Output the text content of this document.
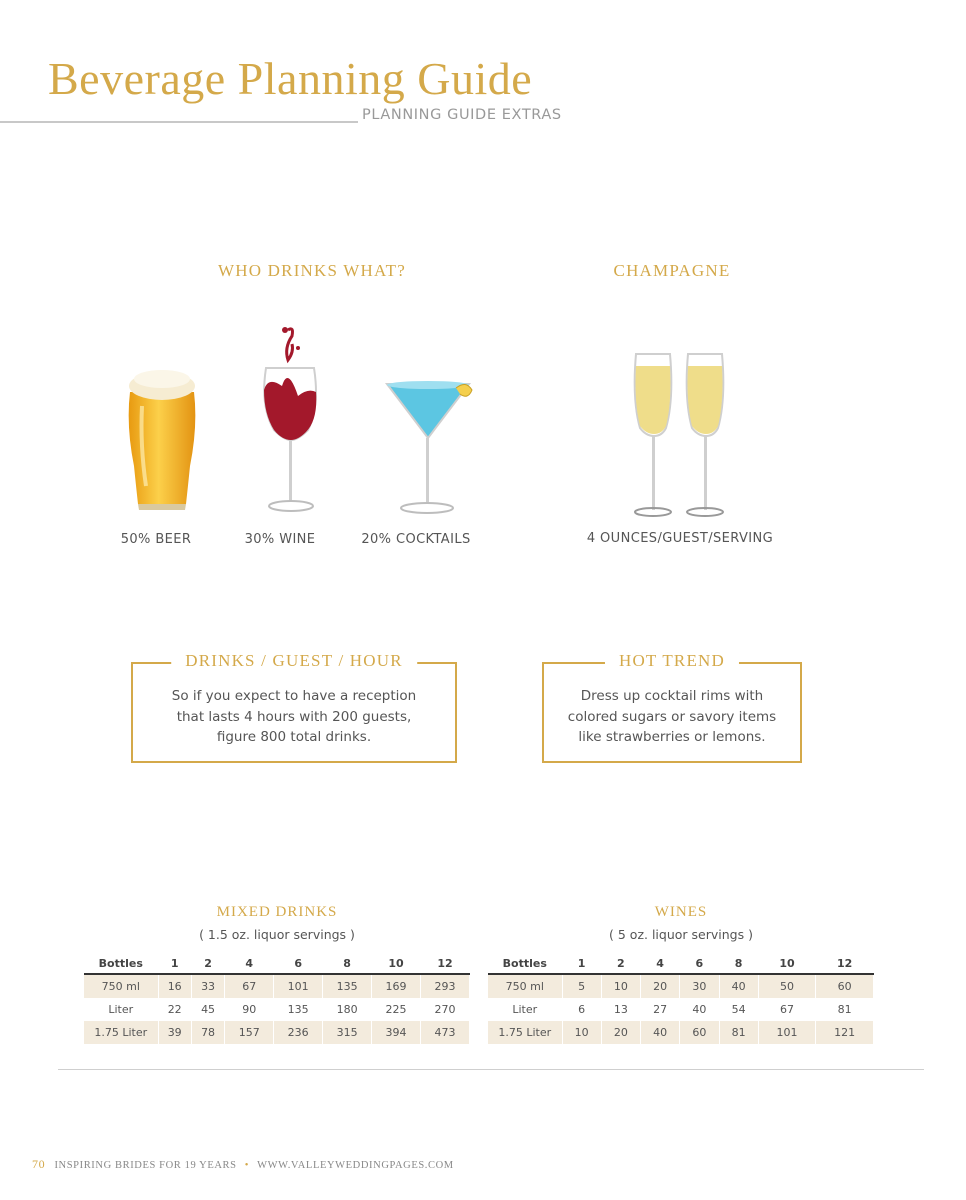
Beverage Planning Guide
PLANNING GUIDE EXTRAS
WHO DRINKS WHAT?
50% BEER	30% WINE	20% COCKTAILS
CHAMPAGNE
4 OUNCES/GUEST/SERVING
DRINKS / GUEST / HOUR
So if you expect to have a reception
that lasts 4 hours with 200 guests,
figure 800 total drinks.
HOT TREND
Dress up cocktail rims with
colored sugars or savory items
like strawberries or lemons.
MIXED DRINKS
( 1.5 oz. liquor servings )
Bottles	1	2	4	6	8	10	12
750 ml	16	33	67	101	135	169	293
Liter	22	45	90	135	180	225	270
1.75 Liter	39	78	157	236	315	394	473
WINES
( 5 oz. liquor servings )
Bottles	1	2	4	6	8	10	12
750 ml	5	10	20	30	40	50	60
Liter	6	13	27	40	54	67	81
1.75 Liter	10	20	40	60	81	101	121
70 INSPIRING BRIDES FOR 19 YEARS • WWW.VALLEYWEDDINGPAGES.COM
